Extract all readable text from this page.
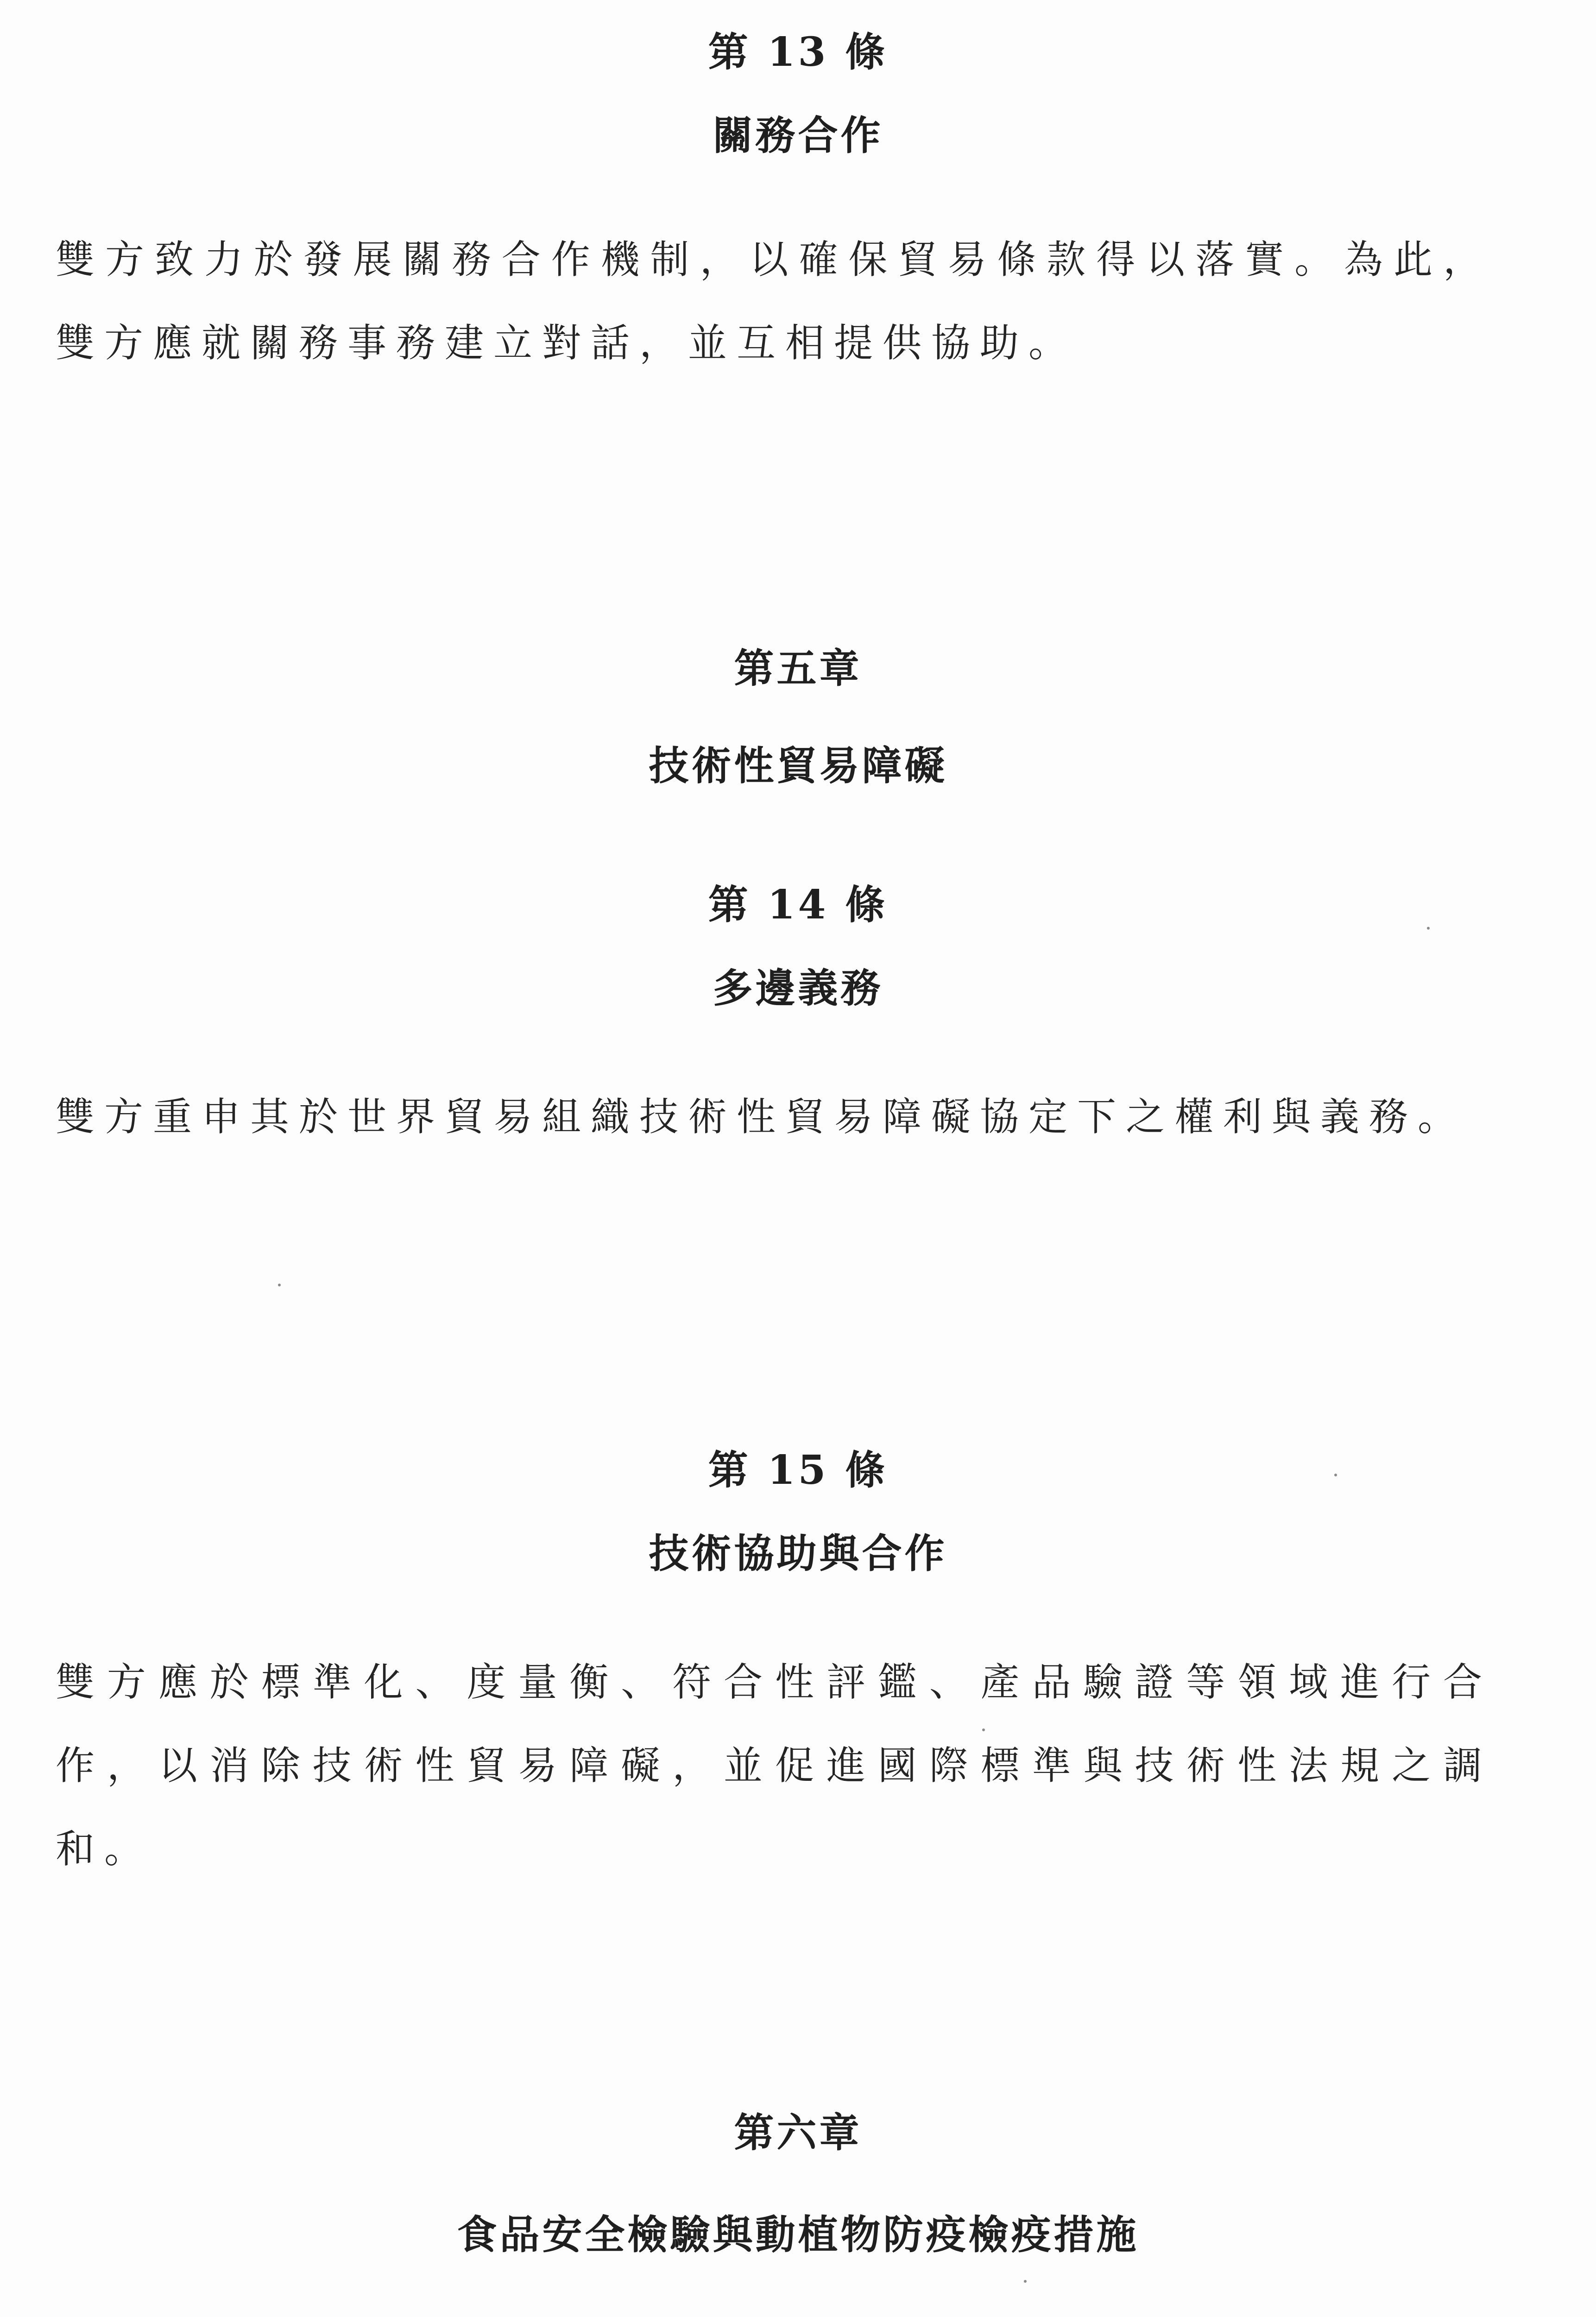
第 13 條
關務合作
雙方致力於發展關務合作機制，以確保貿易條款得以落實。為此，雙方應就關務事務建立對話，並互相提供協助。
第五章
技術性貿易障礙
第 14 條
多邊義務
雙方重申其於世界貿易組織技術性貿易障礙協定下之權利與義務。
第 15 條
技術協助與合作
雙方應於標準化、度量衡、符合性評鑑、產品驗證等領域進行合作，以消除技術性貿易障礙，並促進國際標準與技術性法規之調和。
第六章
食品安全檢驗與動植物防疫檢疫措施
